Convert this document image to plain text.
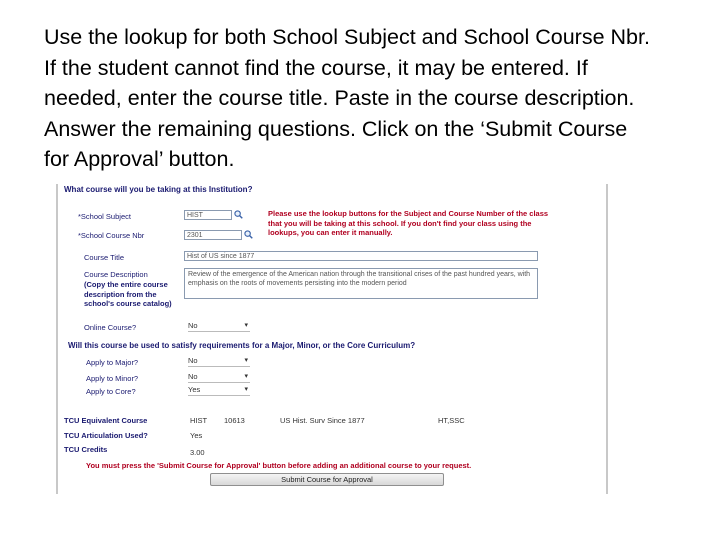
Use the lookup for both School Subject and School Course Nbr.
If the student cannot find the course, it may be entered. If
needed, enter the course title. Paste in the course description.
Answer the remaining questions. Click on the ‘Submit Course
for Approval’ button.
What course will you be taking at this Institution?
*School Subject	HIST
*School Course Nbr	2301
Please use the lookup buttons for the Subject and Course Number of the class that you will be taking at this school. If you don't find your class using the lookups, you can enter it manually.
Course Title	Hist of US since 1877
Course Description
(Copy the entire course description from the school's course catalog)
Review of the emergence of the American nation through the transitional crises of the past hundred years, with emphasis on the roots of movements persisting into the modern period
Online Course?	No	▾
Will this course be used to satisfy requirements for a Major, Minor, or the Core Curriculum?
Apply to Major?	No	▾
Apply to Minor?	No	▾
Apply to Core?	Yes	▾
TCU Equivalent Course	HIST 10613	US Hist. Surv Since 1877	HT,SSC
TCU Articulation Used?	Yes
TCU Credits	3.00
You must press the 'Submit Course for Approval' button before adding an additional course to your request.
Submit Course for Approval
